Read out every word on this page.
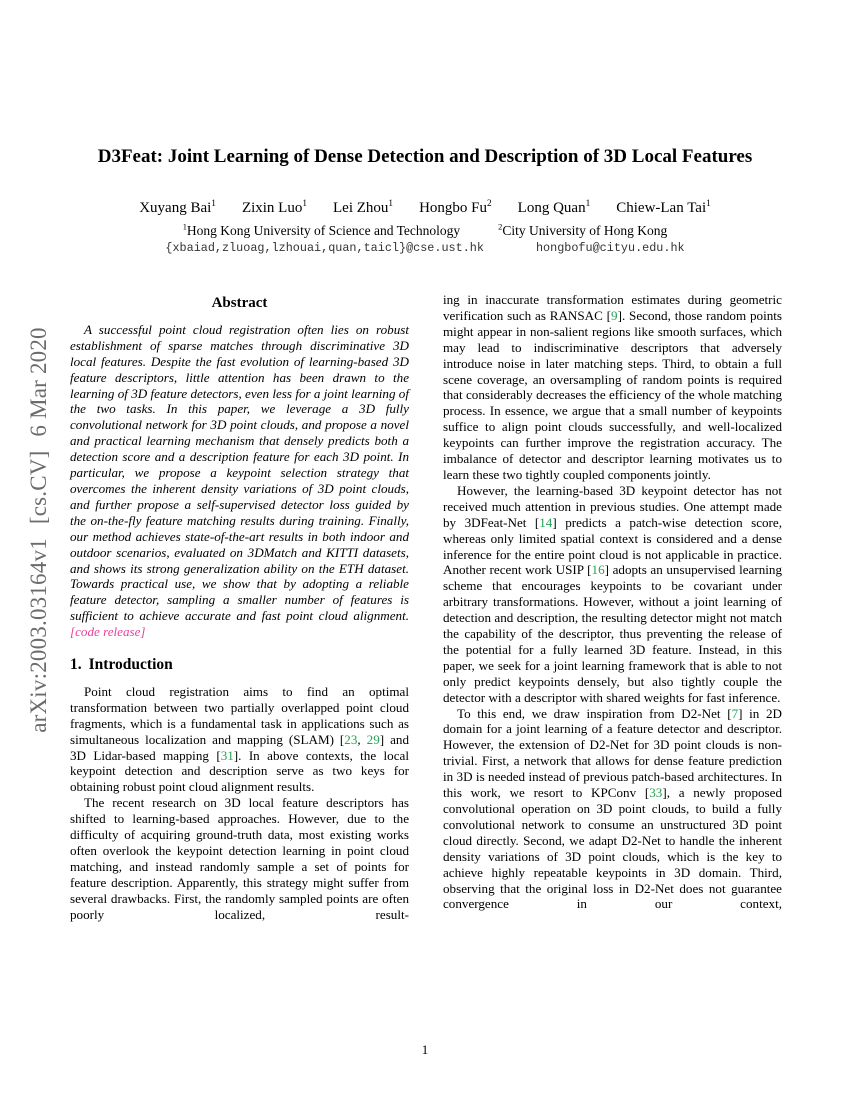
arXiv:2003.03164v1[cs.CV]6 Mar 2020
D3Feat: Joint Learning of Dense Detection and Description of 3D Local Features
Xuyang Bai$^1$ Zixin Luo$^1$ Lei Zhou$^1$ Hongbo Fu$^2$ Long Quan$^1$ Chiew-Lan Tai$^1$
$^1$Hong Kong University of Science and Technology	$^2$City University of Hong Kong
{xbaiad,zluoag,lzhouai,quan,taicl}@cse.ust.hk	hongbofu@cityu.edu.hk
Abstract

A successful point cloud registration often lies on robust establishment of sparse matches through discriminative 3D local features. Despite the fast evolution of learning-based 3D feature descriptors, little attention has been drawn to the learning of 3D feature detectors, even less for a joint learning of the two tasks. In this paper, we leverage a 3D fully convolutional network for 3D point clouds, and propose a novel and practical learning mechanism that densely predicts both a detection score and a description feature for each 3D point. In particular, we propose a keypoint selection strategy that overcomes the inherent density variations of 3D point clouds, and further propose a self-supervised detector loss guided by the on-the-fly feature matching results during training. Finally, our method achieves state-of-the-art results in both indoor and outdoor scenarios, evaluated on 3DMatch and KITTI datasets, and shows its strong generalization ability on the ETH dataset. Towards practical use, we show that by adopting a reliable feature detector, sampling a smaller number of features is sufficient to achieve accurate and fast point cloud alignment. [code release]

1. Introduction

Point cloud registration aims to find an optimal transformation between two partially overlapped point cloud fragments, which is a fundamental task in applications such as simultaneous localization and mapping (SLAM) [23, 29] and 3D Lidar-based mapping [31]. In above contexts, the local keypoint detection and description serve as two keys for obtaining robust point cloud alignment results.

The recent research on 3D local feature descriptors has shifted to learning-based approaches. However, due to the difficulty of acquiring ground-truth data, most existing works often overlook the keypoint detection learning in point cloud matching, and instead randomly sample a set of points for feature description. Apparently, this strategy might suffer from several drawbacks. First, the randomly sampled points are often poorly localized, result-

ing in inaccurate transformation estimates during geometric verification such as RANSAC [9]. Second, those random points might appear in non-salient regions like smooth surfaces, which may lead to indiscriminative descriptors that adversely introduce noise in later matching steps. Third, to obtain a full scene coverage, an oversampling of random points is required that considerably decreases the efficiency of the whole matching process. In essence, we argue that a small number of keypoints suffice to align point clouds successfully, and well-localized keypoints can further improve the registration accuracy. The imbalance of detector and descriptor learning motivates us to learn these two tightly coupled components jointly.

However, the learning-based 3D keypoint detector has not received much attention in previous studies. One attempt made by 3DFeat-Net [14] predicts a patch-wise detection score, whereas only limited spatial context is considered and a dense inference for the entire point cloud is not applicable in practice. Another recent work USIP [16] adopts an unsupervised learning scheme that encourages keypoints to be covariant under arbitrary transformations. However, without a joint learning of detection and description, the resulting detector might not match the capability of the descriptor, thus preventing the release of the potential for a fully learned 3D feature. Instead, in this paper, we seek for a joint learning framework that is able to not only predict keypoints densely, but also tightly couple the detector with a descriptor with shared weights for fast inference.

To this end, we draw inspiration from D2-Net [7] in 2D domain for a joint learning of a feature detector and descriptor. However, the extension of D2-Net for 3D point clouds is non-trivial. First, a network that allows for dense feature prediction in 3D is needed instead of previous patch-based architectures. In this work, we resort to KPConv [33], a newly proposed convolutional operation on 3D point clouds, to build a fully convolutional network to consume an unstructured 3D point cloud directly. Second, we adapt D2-Net to handle the inherent density variations of 3D point clouds, which is the key to achieve highly repeatable keypoints in 3D domain. Third, observing that the original loss in D2-Net does not guarantee convergence in our context,

1
